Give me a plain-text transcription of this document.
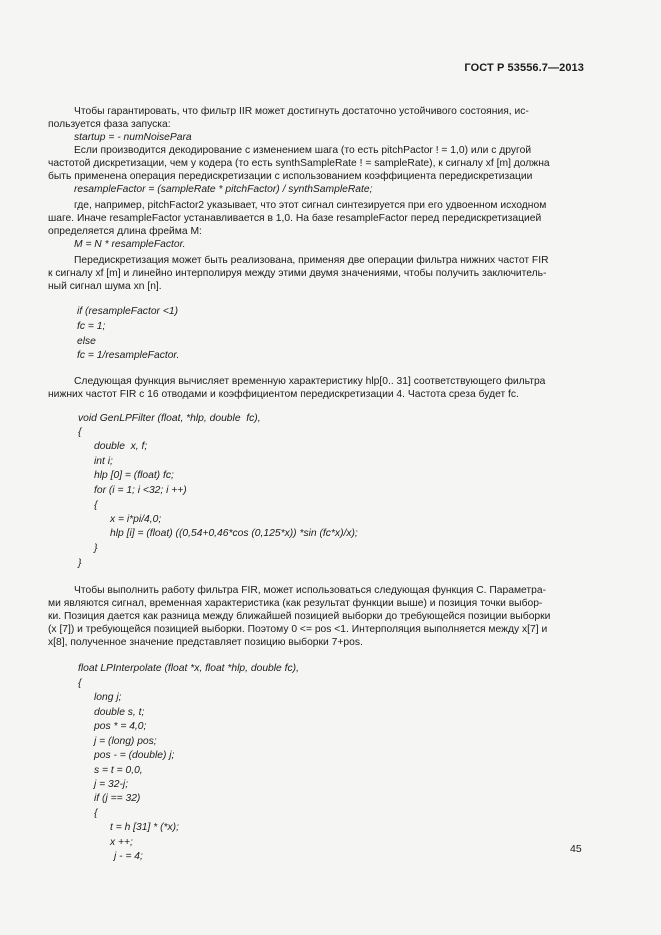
ГОСТ Р 53556.7—2013
Чтобы гарантировать, что фильтр IIR может достигнуть достаточно устойчивого состояния, ис-
пользуется фаза запуска:
startup = - numNoisePara
Если производится декодирование с изменением шага (то есть pitchPactor ! = 1,0) или с другой
частотой дискретизации, чем у кодера (то есть synthSampleRate ! = sampleRate), к сигналу xf [m] должна
быть применена операция передискретизации с использованием коэффициента передискретизации
resampleFactor = (sampleRate * pitchFactor) / synthSampleRate;
где, например, pitchFactor2 указывает, что этот сигнал синтезируется при его удвоенном исходном
шаге. Иначе resampleFactor устанавливается в 1,0. На базе resampleFactor перед передискретизацией
определяется длина фрейма M:
M = N * resampleFactor.
Передискретизация может быть реализована, применяя две операции фильтра нижних частот FIR
к сигналу xf [m] и линейно интерполируя между этими двумя значениями, чтобы получить заключитель-
ный сигнал шума xn [n].
if (resampleFactor <1)
fc = 1;
else
fc = 1/resampleFactor.
Следующая функция вычисляет временную характеристику hlp[0.. 31] соответствующего фильтра
нижних частот FIR с 16 отводами и коэффициентом передискретизации 4. Частота среза будет fc.
void GenLPFilter (float, *hlp, double  fc),
{
double  x, f;
int i;
hlp [0] = (float) fc;
for (i = 1; i <32; i ++)
{
x = i*pi/4,0;
hlp [i] = (float) ((0,54+0,46*cos (0,125*x)) *sin (fc*x)/x);
}
}
Чтобы выполнить работу фильтра FIR, может использоваться следующая функция C. Параметра-
ми являются сигнал, временная характеристика (как результат функции выше) и позиция точки выбор-
ки. Позиция дается как разница между ближайшей позицией выборки до требующейся позиции выборки
(x [7]) и требующейся позицией выборки. Поэтому 0 <= pos <1. Интерполяция выполняется между x[7] и
x[8], полученное значение представляет позицию выборки 7+pos.
float LPInterpolate (float *x, float *hlp, double fc),
{
long j;
double s, t;
pos * = 4,0;
j = (long) pos;
pos - = (double) j;
s = t = 0,0,
j = 32-j;
if (j == 32)
{
t = h [31] * (*x);
x ++;
j - = 4;
45
